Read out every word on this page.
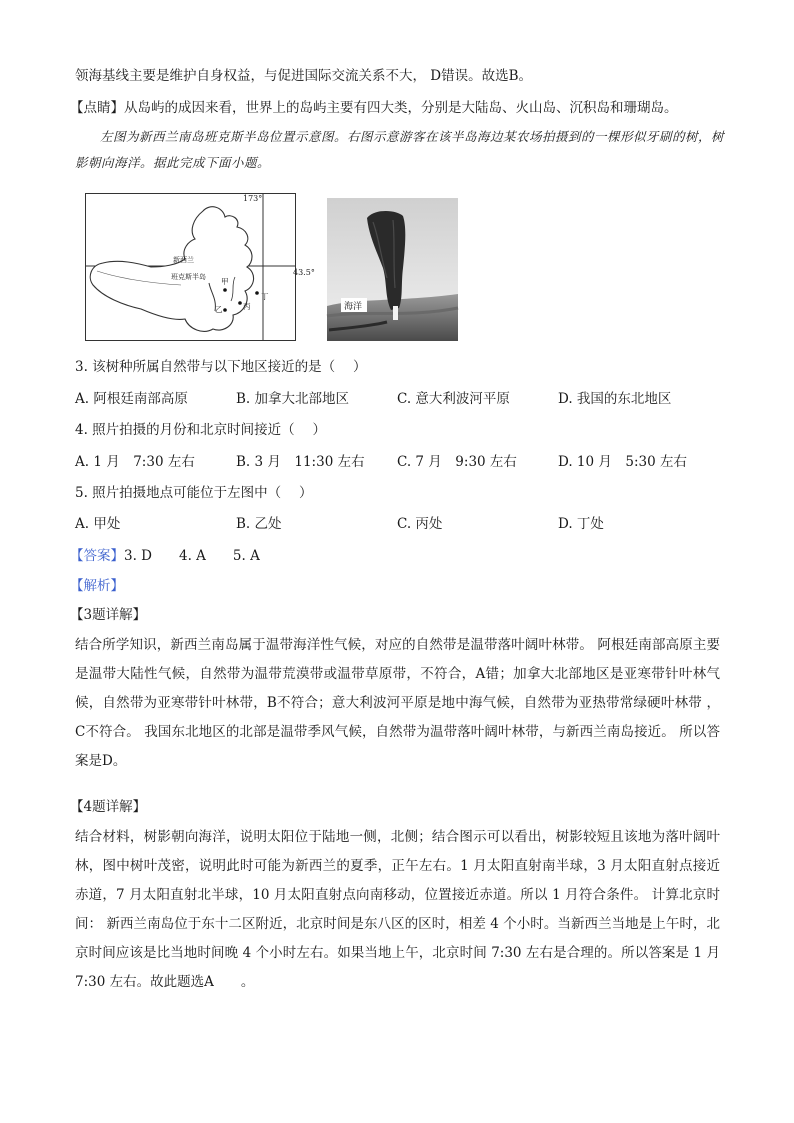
领海基线主要是维护自身权益，与促进国际交流关系不大， D错误。故选B。
【点睛】从岛屿的成因来看，世界上的岛屿主要有四大类，分别是大陆岛、火山岛、沉积岛和珊瑚岛。
左图为新西兰南岛班克斯半岛位置示意图。右图示意游客在该半岛海边某农场拍摄到的一棵形似牙刷的树，树影朝向海洋。据此完成下面小题。
173°
43.5°
新西兰
班克斯半岛 甲
乙	丙
丁
海洋
3. 该树种所属自然带与以下地区接近的是（　 ）
A. 阿根廷南部高原	B. 加拿大北部地区	C. 意大利波河平原	D. 我国的东北地区
4. 照片拍摄的月份和北京时间接近（　 ）
A. 1 月　7:30 左右	B. 3 月　11:30 左右 C. 7 月　9:30 左右	D. 10 月　5:30 左右
5. 照片拍摄地点可能位于左图中（　 ）
A. 甲处	B. 乙处	C. 丙处	D. 丁处
【答案】3. D　　4. A　　5. A
【解析】
【3题详解】
结合所学知识，新西兰南岛属于温带海洋性气候，对应的自然带是温带落叶阔叶林带。 阿根廷南部高原主要是温带大陆性气候，自然带为温带荒漠带或温带草原带，不符合，A错；加拿大北部地区是亚寒带针叶林气候，自然带为亚寒带针叶林带，B不符合；意大利波河平原是地中海气候，自然带为亚热带常绿硬叶林带 ，C不符合。 我国东北地区的北部是温带季风气候，自然带为温带落叶阔叶林带，与新西兰南岛接近。 所以答案是D。
【4题详解】
结合材料，树影朝向海洋，说明太阳位于陆地一侧，北侧；结合图示可以看出，树影较短且该地为落叶阔叶林，图中树叶茂密，说明此时可能为新西兰的夏季，正午左右。1 月太阳直射南半球，3 月太阳直射点接近赤道，7 月太阳直射北半球，10 月太阳直射点向南移动，位置接近赤道。所以 1 月符合条件。 计算北京时间： 新西兰南岛位于东十二区附近，北京时间是东八区的区时，相差 4 个小时。当新西兰当地是上午时，北京时间应该是比当地时间晚 4 个小时左右。如果当地上午，北京时间 7:30 左右是合理的。所以答案是 1 月 7:30 左右。故此题选A　　。
